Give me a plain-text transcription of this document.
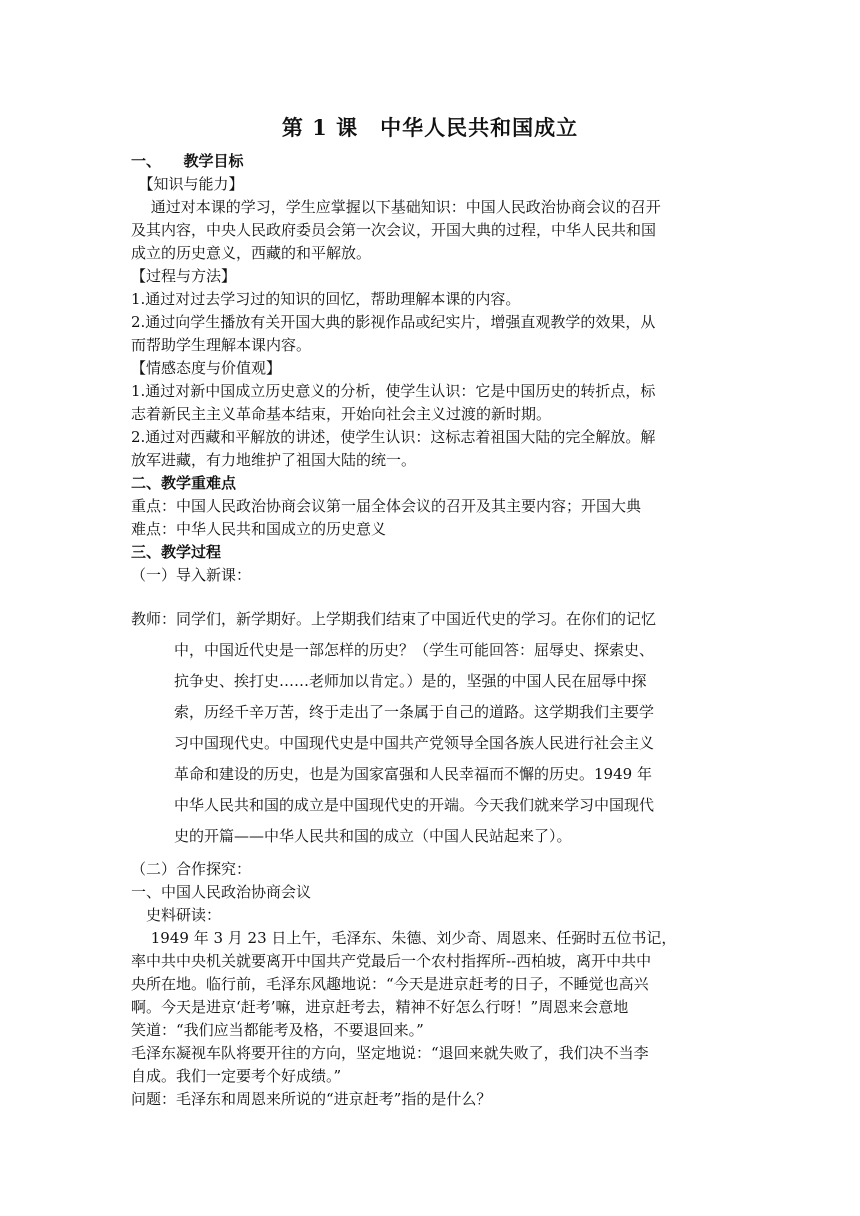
第 1 课　中华人民共和国成立
一、　　教学目标
　【知识与能力】
　 通过对本课的学习，学生应掌握以下基础知识：中国人民政治协商会议的召开
及其内容，中央人民政府委员会第一次会议，开国大典的过程，中华人民共和国
成立的历史意义，西藏的和平解放。
【过程与方法】
1.通过对过去学习过的知识的回忆，帮助理解本课的内容。
2.通过向学生播放有关开国大典的影视作品或纪实片，增强直观教学的效果，从
而帮助学生理解本课内容。
【情感态度与价值观】
1.通过对新中国成立历史意义的分析，使学生认识：它是中国历史的转折点，标
志着新民主主义革命基本结束，开始向社会主义过渡的新时期。
2.通过对西藏和平解放的讲述，使学生认识：这标志着祖国大陆的完全解放。解
放军进藏，有力地维护了祖国大陆的统一。
二、教学重难点
重点：中国人民政治协商会议第一届全体会议的召开及其主要内容；开国大典
难点：中华人民共和国成立的历史意义
三、教学过程
（一）导入新课：
教师：同学们，新学期好。上学期我们结束了中国近代史的学习。在你们的记忆
中，中国近代史是一部怎样的历史？（学生可能回答：屈辱史、探索史、
抗争史、挨打史……老师加以肯定。）是的，坚强的中国人民在屈辱中探
索，历经千辛万苦，终于走出了一条属于自己的道路。这学期我们主要学
习中国现代史。中国现代史是中国共产党领导全国各族人民进行社会主义
革命和建设的历史，也是为国家富强和人民幸福而不懈的历史。1949 年
中华人民共和国的成立是中国现代史的开端。今天我们就来学习中国现代
史的开篇——中华人民共和国的成立（中国人民站起来了）。
（二）合作探究：
一、中国人民政治协商会议
　史料研读：
　 1949 年 3 月 23 日上午，毛泽东、朱德、刘少奇、周恩来、任弼时五位书记，
率中共中央机关就要离开中国共产党最后一个农村指挥所--西柏坡，离开中共中
央所在地。临行前，毛泽东风趣地说：“今天是进京赶考的日子，不睡觉也高兴
啊。今天是进京‘赶考’嘛，进京赶考去，精神不好怎么行呀！”周恩来会意地
笑道：“我们应当都能考及格，不要退回来。”
毛泽东凝视车队将要开往的方向，坚定地说：“退回来就失败了，我们决不当李
自成。我们一定要考个好成绩。”
问题：毛泽东和周恩来所说的“进京赶考”指的是什么？
